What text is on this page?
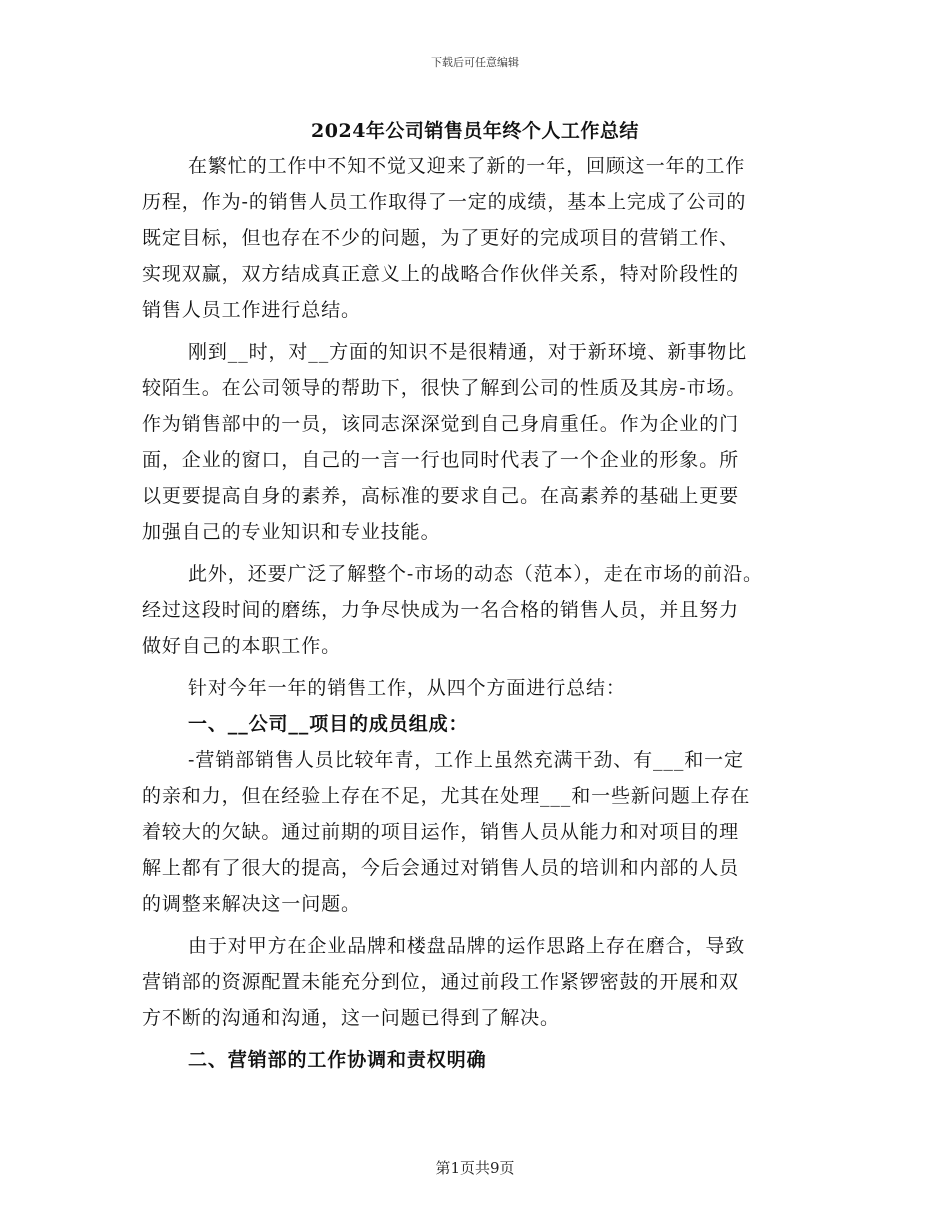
下载后可任意编辑
2024年公司销售员年终个人工作总结
在繁忙的工作中不知不觉又迎来了新的一年，回顾这一年的工作
历程，作为-的销售人员工作取得了一定的成绩，基本上完成了公司的
既定目标，但也存在不少的问题，为了更好的完成项目的营销工作、
实现双赢，双方结成真正意义上的战略合作伙伴关系，特对阶段性的
销售人员工作进行总结。
刚到__时，对__方面的知识不是很精通，对于新环境、新事物比
较陌生。在公司领导的帮助下，很快了解到公司的性质及其房-市场。
作为销售部中的一员，该同志深深觉到自己身肩重任。作为企业的门
面，企业的窗口，自己的一言一行也同时代表了一个企业的形象。所
以更要提高自身的素养，高标准的要求自己。在高素养的基础上更要
加强自己的专业知识和专业技能。
此外，还要广泛了解整个-市场的动态（范本），走在市场的前沿。
经过这段时间的磨练，力争尽快成为一名合格的销售人员，并且努力
做好自己的本职工作。
针对今年一年的销售工作，从四个方面进行总结：
一、__公司__项目的成员组成：
-营销部销售人员比较年青，工作上虽然充满干劲、有___和一定
的亲和力，但在经验上存在不足，尤其在处理___和一些新问题上存在
着较大的欠缺。通过前期的项目运作，销售人员从能力和对项目的理
解上都有了很大的提高，今后会通过对销售人员的培训和内部的人员
的调整来解决这一问题。
由于对甲方在企业品牌和楼盘品牌的运作思路上存在磨合，导致
营销部的资源配置未能充分到位，通过前段工作紧锣密鼓的开展和双
方不断的沟通和沟通，这一问题已得到了解决。
二、营销部的工作协调和责权明确
第1页共9页
